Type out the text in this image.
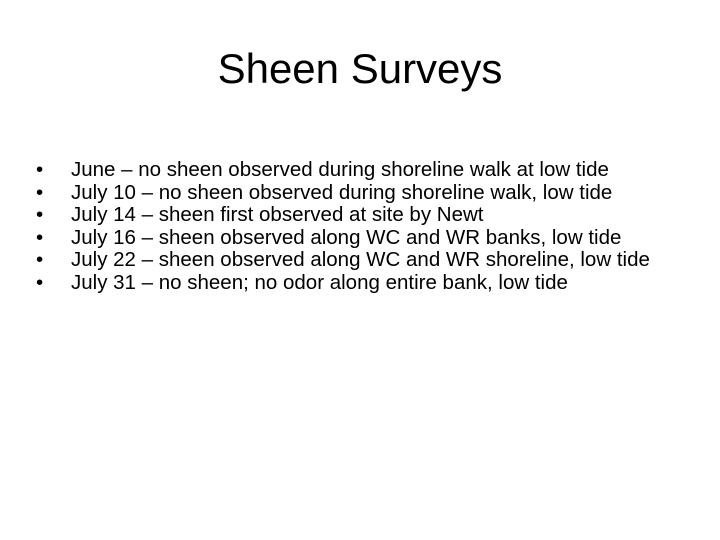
Sheen Surveys
•	June – no sheen observed during shoreline walk at low tide
•	July 10 – no sheen observed during shoreline walk, low tide
•	July 14 – sheen first observed at site by Newt
•	July 16 – sheen observed along WC and WR banks, low tide
•	July 22 – sheen observed along WC and WR shoreline, low tide
•	July 31 – no sheen; no odor along entire bank, low tide
